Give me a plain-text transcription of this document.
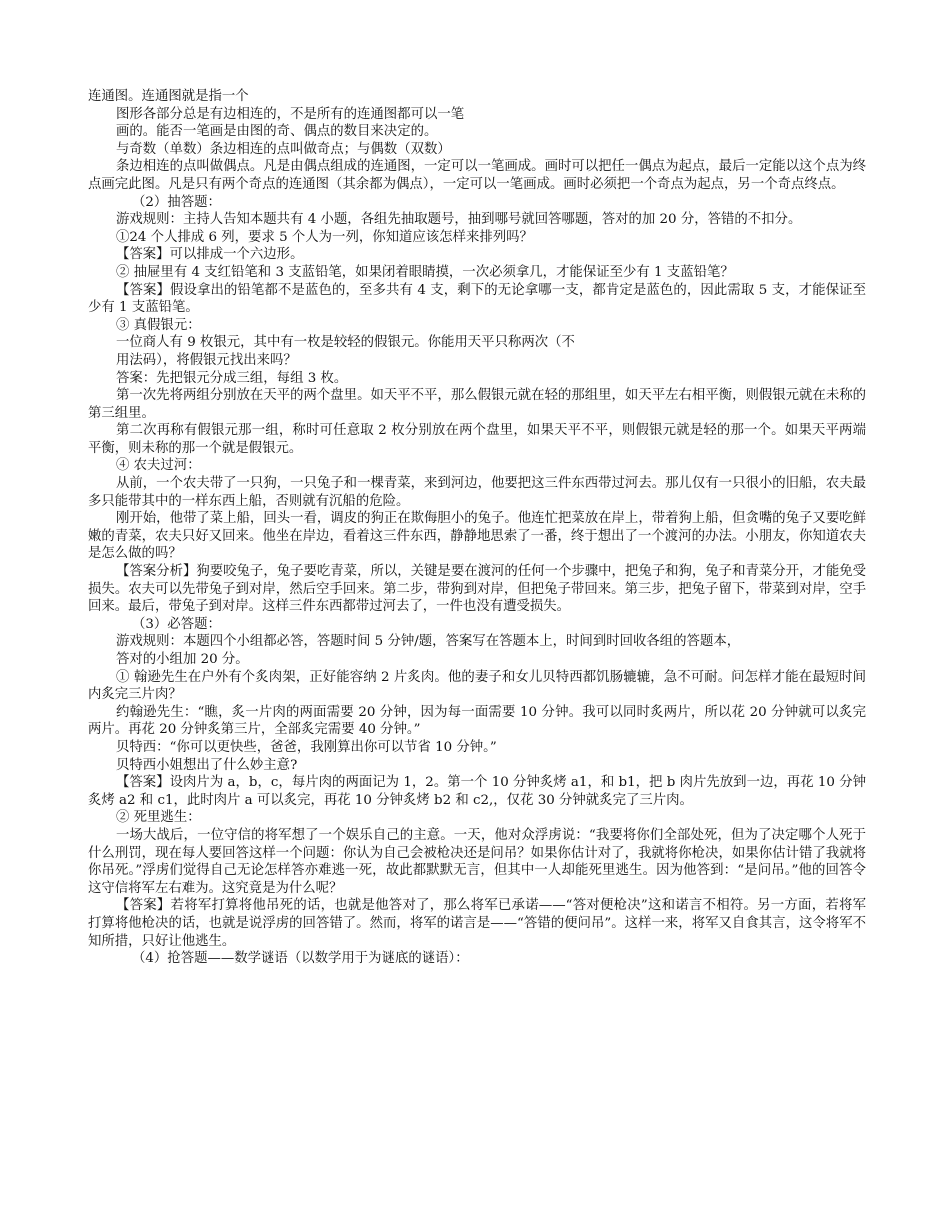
连通图。连通图就是指一个

图形各部分总是有边相连的，不是所有的连通图都可以一笔

画的。能否一笔画是由图的奇、偶点的数目来决定的。

与奇数（单数）条边相连的点叫做奇点；与偶数（双数）

条边相连的点叫做偶点。凡是由偶点组成的连通图，一定可以一笔画成。画时可以把任一偶点为起点，最后一定能以这个点为终点画完此图。凡是只有两个奇点的连通图（其余都为偶点），一定可以一笔画成。画时必须把一个奇点为起点，另一个奇点终点。

（2）抽答题：

游戏规则：主持人告知本题共有 4 小题，各组先抽取题号，抽到哪号就回答哪题，答对的加 20 分，答错的不扣分。

①24 个人排成 6 列，要求 5 个人为一列，你知道应该怎样来排列吗？

【答案】可以排成一个六边形。

② 抽屉里有 4 支红铅笔和 3 支蓝铅笔，如果闭着眼睛摸，一次必须拿几，才能保证至少有 1 支蓝铅笔？

【答案】假设拿出的铅笔都不是蓝色的，至多共有 4 支，剩下的无论拿哪一支，都肯定是蓝色的，因此需取 5 支，才能保证至少有 1 支蓝铅笔。

③ 真假银元：

一位商人有 9 枚银元，其中有一枚是较轻的假银元。你能用天平只称两次（不

用法码），将假银元找出来吗？

答案：先把银元分成三组，每组 3 枚。

第一次先将两组分别放在天平的两个盘里。如天平不平，那么假银元就在轻的那组里，如天平左右相平衡，则假银元就在未称的第三组里。

第二次再称有假银元那一组，称时可任意取 2 枚分别放在两个盘里，如果天平不平，则假银元就是轻的那一个。如果天平两端平衡，则未称的那一个就是假银元。

④ 农夫过河：

从前，一个农夫带了一只狗，一只兔子和一棵青菜，来到河边，他要把这三件东西带过河去。那儿仅有一只很小的旧船，农夫最多只能带其中的一样东西上船，否则就有沉船的危险。

刚开始，他带了菜上船，回头一看，调皮的狗正在欺侮胆小的兔子。他连忙把菜放在岸上，带着狗上船，但贪嘴的兔子又要吃鲜嫩的青菜，农夫只好又回来。他坐在岸边，看着这三件东西，静静地思索了一番，终于想出了一个渡河的办法。小朋友，你知道农夫是怎么做的吗？

【答案分析】狗要咬兔子，兔子要吃青菜，所以，关键是要在渡河的任何一个步骤中，把兔子和狗，兔子和青菜分开，才能免受损失。农夫可以先带兔子到对岸，然后空手回来。第二步，带狗到对岸，但把兔子带回来。第三步，把兔子留下，带菜到对岸，空手回来。最后，带兔子到对岸。这样三件东西都带过河去了，一件也没有遭受损失。

（3）必答题：

游戏规则：本题四个小组都必答，答题时间 5 分钟/题，答案写在答题本上，时间到时回收各组的答题本，

答对的小组加 20 分。

① 翰逊先生在户外有个炙肉架，正好能容纳 2 片炙肉。他的妻子和女儿贝特西都饥肠辘辘，急不可耐。问怎样才能在最短时间内炙完三片肉？

约翰逊先生：“瞧，炙一片肉的两面需要 20 分钟，因为每一面需要 10 分钟。我可以同时炙两片，所以花 20 分钟就可以炙完两片。再花 20 分钟炙第三片，全部炙完需要 40 分钟。”

贝特西：“你可以更快些，爸爸，我刚算出你可以节省 10 分钟。”

贝特西小姐想出了什么妙主意?

【答案】设肉片为 a，b，c，每片肉的两面记为 1，2。第一个 10 分钟炙烤 a1，和 b1，把 b 肉片先放到一边，再花 10 分钟炙烤 a2 和 c1，此时肉片 a 可以炙完，再花 10 分钟炙烤 b2 和 c2,，仅花 30 分钟就炙完了三片肉。

② 死里逃生：

一场大战后，一位守信的将军想了一个娱乐自己的主意。一天，他对众浮虏说：“我要将你们全部处死，但为了决定哪个人死于什么刑罚，现在每人要回答这样一个问题：你认为自己会被枪决还是问吊？如果你估计对了，我就将你枪决，如果你估计错了我就将你吊死。”浮虏们觉得自己无论怎样答亦难逃一死，故此都默默无言，但其中一人却能死里逃生。因为他答到：“是问吊。”他的回答令这守信将军左右难为。这究竟是为什么呢？

【答案】若将军打算将他吊死的话，也就是他答对了，那么将军已承诺——“答对便枪决”这和诺言不相符。另一方面，若将军打算将他枪决的话，也就是说浮虏的回答错了。然而，将军的诺言是——“答错的便问吊”。这样一来，将军又自食其言，这令将军不知所措，只好让他逃生。

（4）抢答题——数学谜语（以数学用于为谜底的谜语）：
